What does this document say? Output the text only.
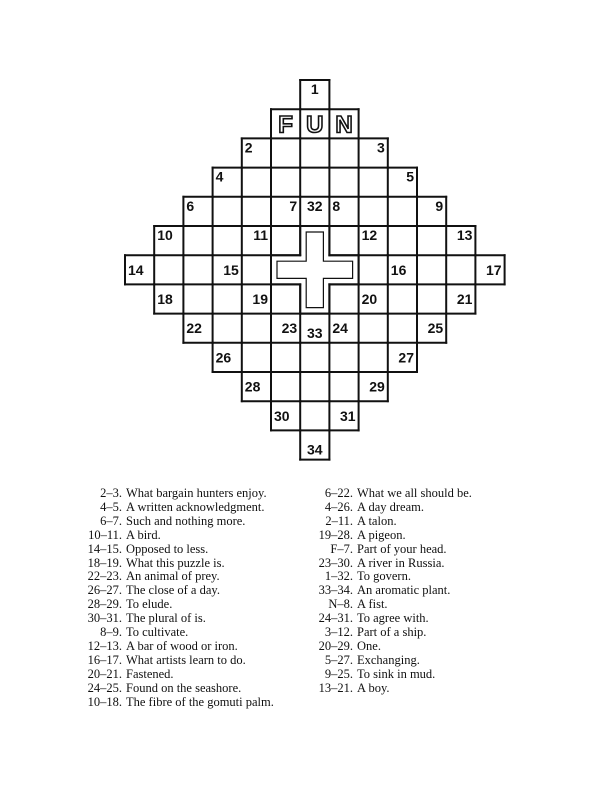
F U N
1
2	3
4	5
6	7	8	9
10	11	12	13
14	15	16	17
18	19	20	21
22	23	24	25
26	27
28	29
30	31
32
33
34
2–3. What bargain hunters enjoy.
4–5. A written acknowledgment.
6–7. Such and nothing more.
10–11. A bird.
14–15. Opposed to less.
18–19. What this puzzle is.
22–23. An animal of prey.
26–27. The close of a day.
28–29. To elude.
30–31. The plural of is.
8–9. To cultivate.
12–13. A bar of wood or iron.
16–17. What artists learn to do.
20–21. Fastened.
24–25. Found on the seashore.
10–18. The fibre of the gomuti palm.
6–22. What we all should be.
4–26. A day dream.
2–11. A talon.
19–28. A pigeon.
F–7. Part of your head.
23–30. A river in Russia.
1–32. To govern.
33–34. An aromatic plant.
N–8. A fist.
24–31. To agree with.
3–12. Part of a ship.
20–29. One.
5–27. Exchanging.
9–25. To sink in mud.
13–21. A boy.
